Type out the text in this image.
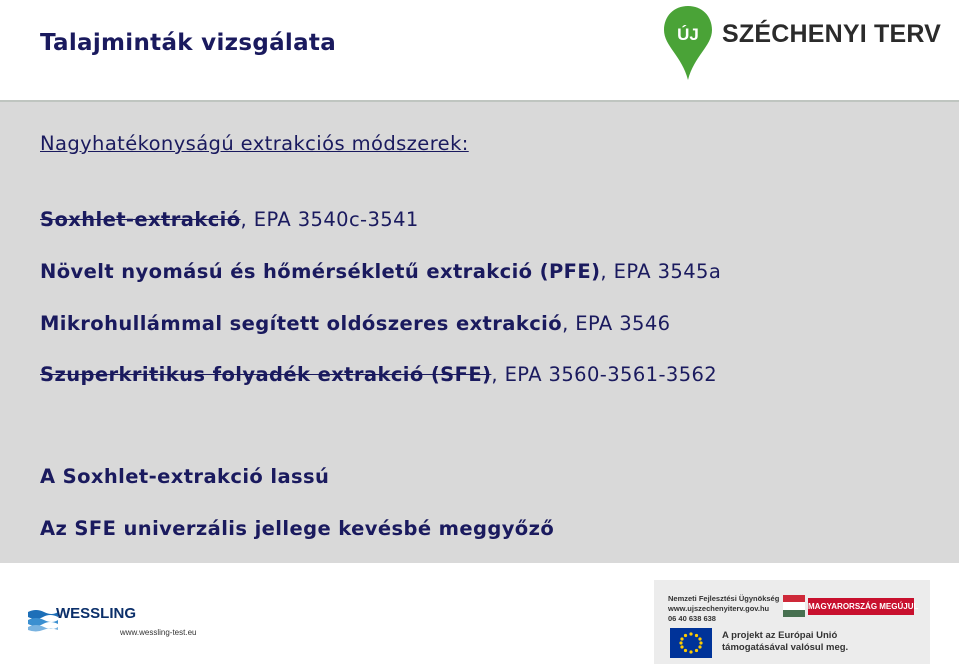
Talajminták vizsgálata	ÚJ SZÉCHENYI TERV
Nagyhatékonyságú extrakciós módszerek:
Soxhlet-extrakció, EPA 3540c-3541
Növelt nyomású és hőmérsékletű extrakció (PFE), EPA 3545a
Mikrohullámmal segített oldószeres extrakció, EPA 3546
Szuperkritikus folyadék extrakció (SFE), EPA 3560-3561-3562
A Soxhlet-extrakció lassú
Az SFE univerzális jellege kevésbé meggyőző
WESSLING
www.wessling-test.eu
Nemzeti Fejlesztési Ügynökség
www.ujszechenyiterv.gov.hu
06 40 638 638
MAGYARORSZÁG MEGÚJUL
A projekt az Európai Unió
támogatásával valósul meg.
